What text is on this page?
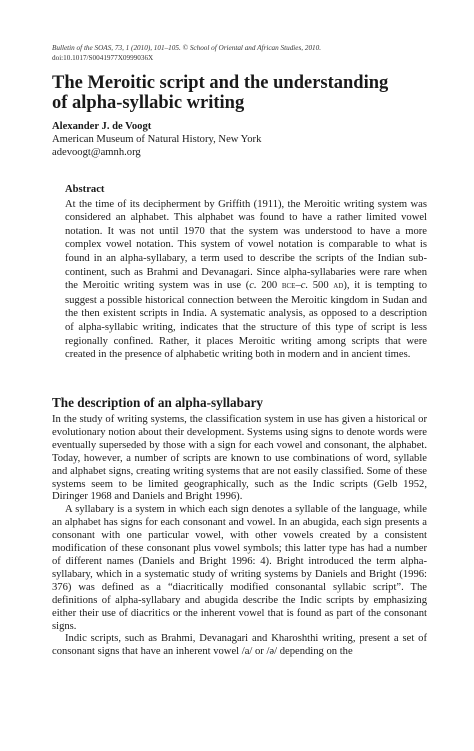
Bulletin of the SOAS, 73, 1 (2010), 101–105. © School of Oriental and African Studies, 2010.
doi:10.1017/S0041977X0999036X
The Meroitic script and the understanding
of alpha-syllabic writing
Alexander J. de Voogt
American Museum of Natural History, New York
adevoogt@amnh.org
Abstract
At the time of its decipherment by Griffith (1911), the Meroitic writing system was considered an alphabet. This alphabet was found to have a rather limited vowel notation. It was not until 1970 that the system was understood to have a more complex vowel notation. This system of vowel notation is comparable to what is found in an alpha-syllabary, a term used to describe the scripts of the Indian sub-continent, such as Brahmi and Devanagari. Since alpha-syllabaries were rare when the Meroitic writing system was in use (c. 200 bce–c. 500 ad), it is tempting to suggest a possible historical connection between the Meroitic kingdom in Sudan and the then existent scripts in India. A systematic analysis, as opposed to a description of alpha-syllabic writing, indicates that the structure of this type of script is less regionally confined. Rather, it places Meroitic writing among scripts that were created in the presence of alphabetic writing both in modern and in ancient times.
The description of an alpha-syllabary

In the study of writing systems, the classification system in use has given a historical or evolutionary notion about their development. Systems using signs to denote words were eventually superseded by those with a sign for each vowel and consonant, the alphabet. Today, however, a number of scripts are known to use combinations of word, syllable and alphabet signs, creating writing systems that are not easily classified. Some of these systems seem to be limited geographically, such as the Indic scripts (Gelb 1952, Diringer 1968 and Daniels and Bright 1996).

A syllabary is a system in which each sign denotes a syllable of the language, while an alphabet has signs for each consonant and vowel. In an abugida, each sign presents a consonant with one particular vowel, with other vowels created by a consistent modification of these consonant plus vowel symbols; this latter type has had a number of different names (Daniels and Bright 1996: 4). Bright introduced the term alpha-syllabary, which in a systematic study of writing systems by Daniels and Bright (1996: 376) was defined as a “diacritically modified consonantal syllabic script”. The definitions of alpha-syllabary and abugida describe the Indic scripts by emphasizing either their use of diacritics or the inherent vowel that is found as part of the consonant signs.

Indic scripts, such as Brahmi, Devanagari and Kharoshthi writing, present a set of consonant signs that have an inherent vowel /a/ or /ə/ depending on the
